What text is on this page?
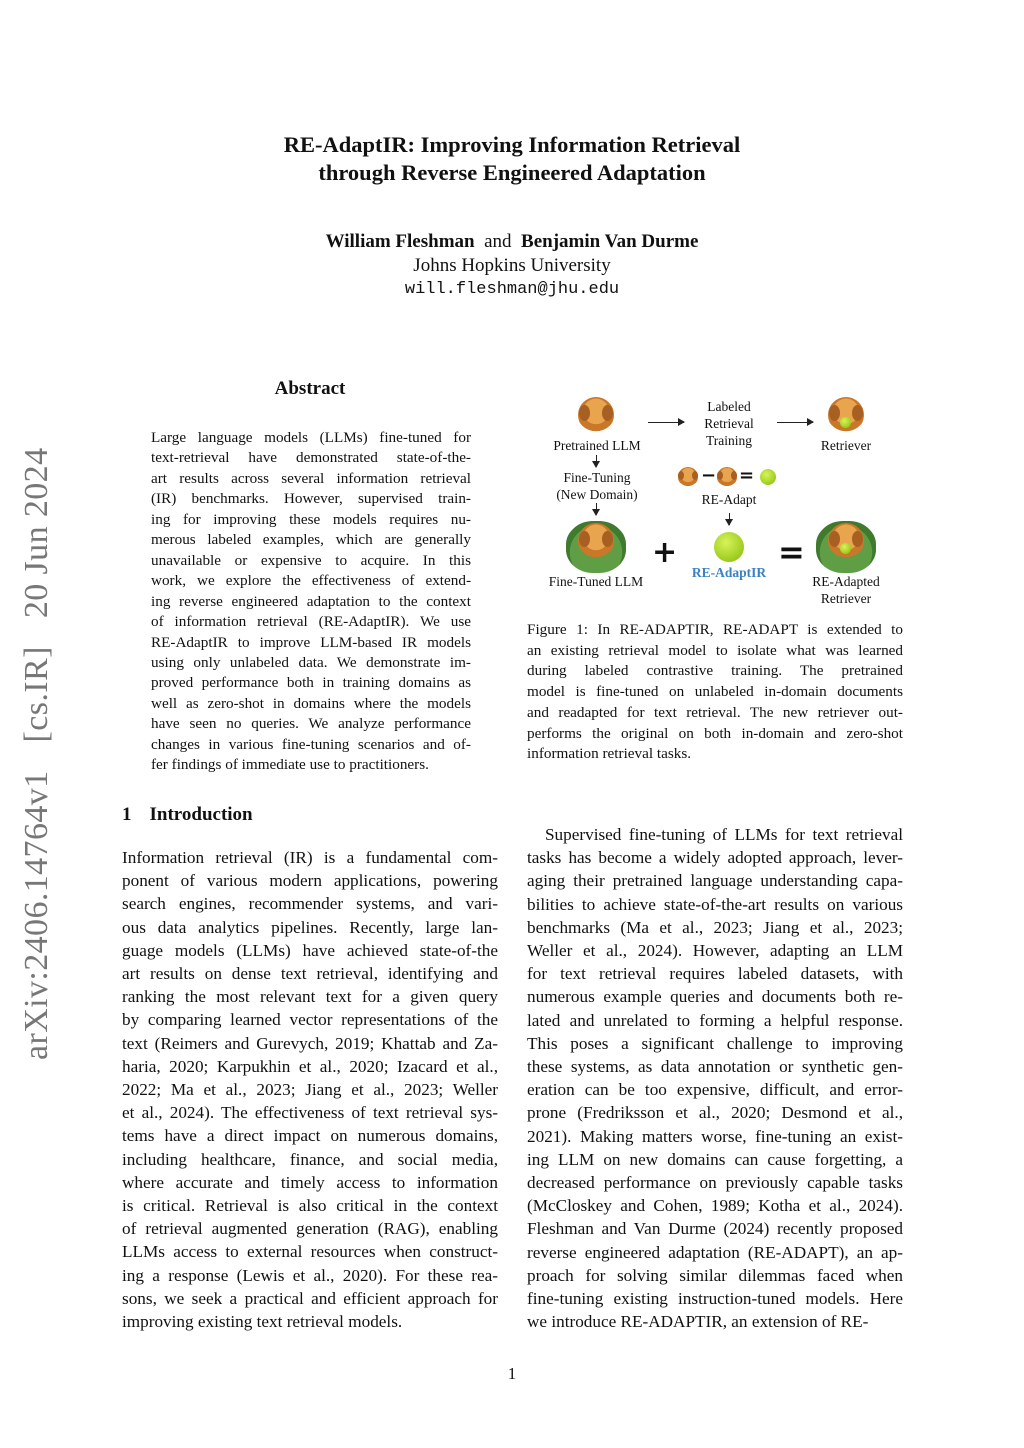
RE-AdaptIR: Improving Information Retrieval
through Reverse Engineered Adaptation
William Fleshman and Benjamin Van Durme
Johns Hopkins University
will.fleshman@jhu.edu
arXiv:2406.14764v1[cs.IR]20 Jun 2024
Abstract
Large language models (LLMs) fine-tuned for
text-retrieval have demonstrated state-of-the-
art results across several information retrieval
(IR) benchmarks. However, supervised train-
ing for improving these models requires nu-
merous labeled examples, which are generally
unavailable or expensive to acquire. In this
work, we explore the effectiveness of extend-
ing reverse engineered adaptation to the context
of information retrieval (RE-AdaptIR). We use
RE-AdaptIR to improve LLM-based IR models
using only unlabeled data. We demonstrate im-
proved performance both in training domains as
well as zero-shot in domains where the models
have seen no queries. We analyze performance
changes in various fine-tuning scenarios and of-
fer findings of immediate use to practitioners.
Pretrained LLM
Labeled
Retrieval
Training	Retriever
Fine-Tuning
(New Domain)
− =
RE-Adapt
Fine-Tuned LLM
+
RE-AdaptIR
=
RE-Adapted
Retriever
Figure 1: In RE-ADAPTIR, RE-ADAPT is extended to
an existing retrieval model to isolate what was learned
during labeled contrastive training. The pretrained
model is fine-tuned on unlabeled in-domain documents
and readapted for text retrieval. The new retriever out-
performs the original on both in-domain and zero-shot
information retrieval tasks.
1 Introduction
Information retrieval (IR) is a fundamental com-
ponent of various modern applications, powering
search engines, recommender systems, and vari-
ous data analytics pipelines. Recently, large lan-
guage models (LLMs) have achieved state-of-the
art results on dense text retrieval, identifying and
ranking the most relevant text for a given query
by comparing learned vector representations of the
text (Reimers and Gurevych, 2019; Khattab and Za-
haria, 2020; Karpukhin et al., 2020; Izacard et al.,
2022; Ma et al., 2023; Jiang et al., 2023; Weller
et al., 2024). The effectiveness of text retrieval sys-
tems have a direct impact on numerous domains,
including healthcare, finance, and social media,
where accurate and timely access to information
is critical. Retrieval is also critical in the context
of retrieval augmented generation (RAG), enabling
LLMs access to external resources when construct-
ing a response (Lewis et al., 2020). For these rea-
sons, we seek a practical and efficient approach for
improving existing text retrieval models.
Supervised fine-tuning of LLMs for text retrieval
tasks has become a widely adopted approach, lever-
aging their pretrained language understanding capa-
bilities to achieve state-of-the-art results on various
benchmarks (Ma et al., 2023; Jiang et al., 2023;
Weller et al., 2024). However, adapting an LLM
for text retrieval requires labeled datasets, with
numerous example queries and documents both re-
lated and unrelated to forming a helpful response.
This poses a significant challenge to improving
these systems, as data annotation or synthetic gen-
eration can be too expensive, difficult, and error-
prone (Fredriksson et al., 2020; Desmond et al.,
2021). Making matters worse, fine-tuning an exist-
ing LLM on new domains can cause forgetting, a
decreased performance on previously capable tasks
(McCloskey and Cohen, 1989; Kotha et al., 2024).
Fleshman and Van Durme (2024) recently proposed
reverse engineered adaptation (RE-ADAPT), an ap-
proach for solving similar dilemmas faced when
fine-tuning existing instruction-tuned models. Here
we introduce RE-ADAPTIR, an extension of RE-
1
